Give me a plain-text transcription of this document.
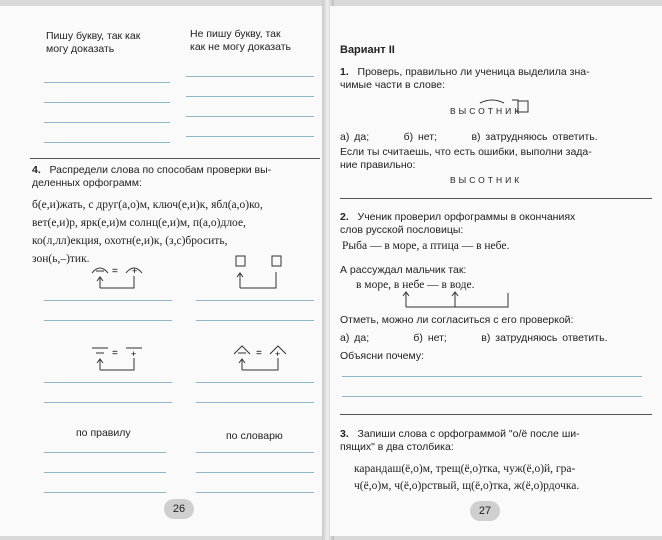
Пишу букву, так как
могу доказать
Не пишу букву, так
как не могу доказать
4. Распредели слова по способам проверки вы-
деленных орфограмм:
б(е,и)жать, с друг(а,о)м, ключ(е,и)к, ябл(а,о)ко,
вет(е,и)р, ярк(е,и)м солнц(е,и)м, п(а,о)длое,
ко(л,лл)екция, охотн(е,и)к, (з,с)бросить,
зон(ь,–)тик.
+
=
+
=	= +
по правилу	по словарю
26
Вариант II
1. Проверь, правильно ли ученица выделила зна-
чимые части в слове:
ВЫСОТНИК
а) да;	б) нет;	в) затрудняюсь ответить.
Если ты считаешь, что есть ошибки, выполни зада-
ние правильно:
ВЫСОТНИК
2. Ученик проверил орфограммы в окончаниях
слов русской пословицы:
Рыба — в море, а птица — в небе.
А рассуждал мальчик так:
в море, в небе — в воде.
Отметь, можно ли согласиться с его проверкой:
а) да;	б) нет;	в) затрудняюсь ответить.
Объясни почему:
3. Запиши слова с орфограммой "о/ё после ши-
пящих" в два столбика:
карандаш(ё,о)м, трещ(ё,о)тка, чуж(ё,о)й, гра-
ч(ё,о)м, ч(ё,о)рствый, щ(ё,о)тка, ж(ё,о)рдочка.
27
